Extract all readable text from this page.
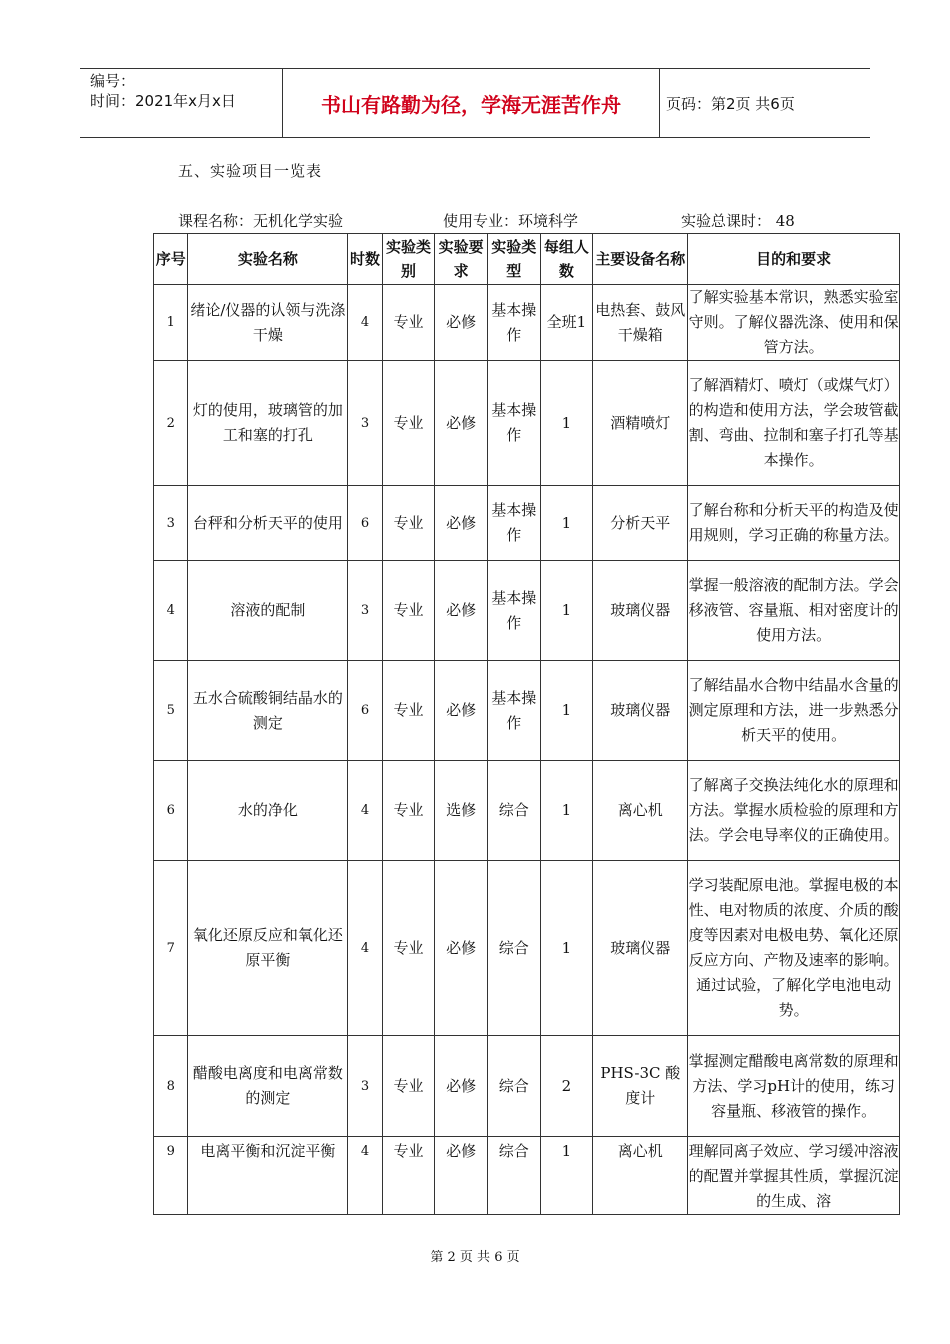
编号：
时间：2021年x月x日	书山有路勤为径，学海无涯苦作舟	页码：第2页 共6页
五、实验项目一览表
课程名称：无机化学实验	使用专业：环境科学	实验总课时： 48
序号	实验名称	时数	实验类别	实验要求	实验类型	每组人数	主要设备名称	目的和要求
1	绪论/仪器的认领与洗涤干燥	4	专业	必修	基本操作	全班1	电热套、鼓风干燥箱	了解实验基本常识，熟悉实验室守则。了解仪器洗涤、使用和保管方法。
2	灯的使用，玻璃管的加工和塞的打孔	3	专业	必修	基本操作	1	酒精喷灯	了解酒精灯、喷灯（或煤气灯）的构造和使用方法，学会玻管截割、弯曲、拉制和塞子打孔等基本操作。
3	台秤和分析天平的使用	6	专业	必修	基本操作	1	分析天平	了解台称和分析天平的构造及使用规则，学习正确的称量方法。
4	溶液的配制	3	专业	必修	基本操作	1	玻璃仪器	掌握一般溶液的配制方法。学会移液管、容量瓶、相对密度计的使用方法。
5	五水合硫酸铜结晶水的测定	6	专业	必修	基本操作	1	玻璃仪器	了解结晶水合物中结晶水含量的测定原理和方法，进一步熟悉分析天平的使用。
6	水的净化	4	专业	选修	综合	1	离心机	了解离子交换法纯化水的原理和方法。掌握水质检验的原理和方法。学会电导率仪的正确使用。
7	氧化还原反应和氧化还原平衡	4	专业	必修	综合	1	玻璃仪器	学习装配原电池。掌握电极的本性、电对物质的浓度、介质的酸度等因素对电极电势、氧化还原反应方向、产物及速率的影响。通过试验，了解化学电池电动势。
8	醋酸电离度和电离常数的测定	3	专业	必修	综合	2	PHS-3C 酸度计	掌握测定醋酸电离常数的原理和方法、学习pH计的使用，练习容量瓶、移液管的操作。
9	电离平衡和沉淀平衡	4	专业	必修	综合	1	离心机	理解同离子效应、学习缓冲溶液的配置并掌握其性质，掌握沉淀的生成、溶
第 2 页 共 6 页
